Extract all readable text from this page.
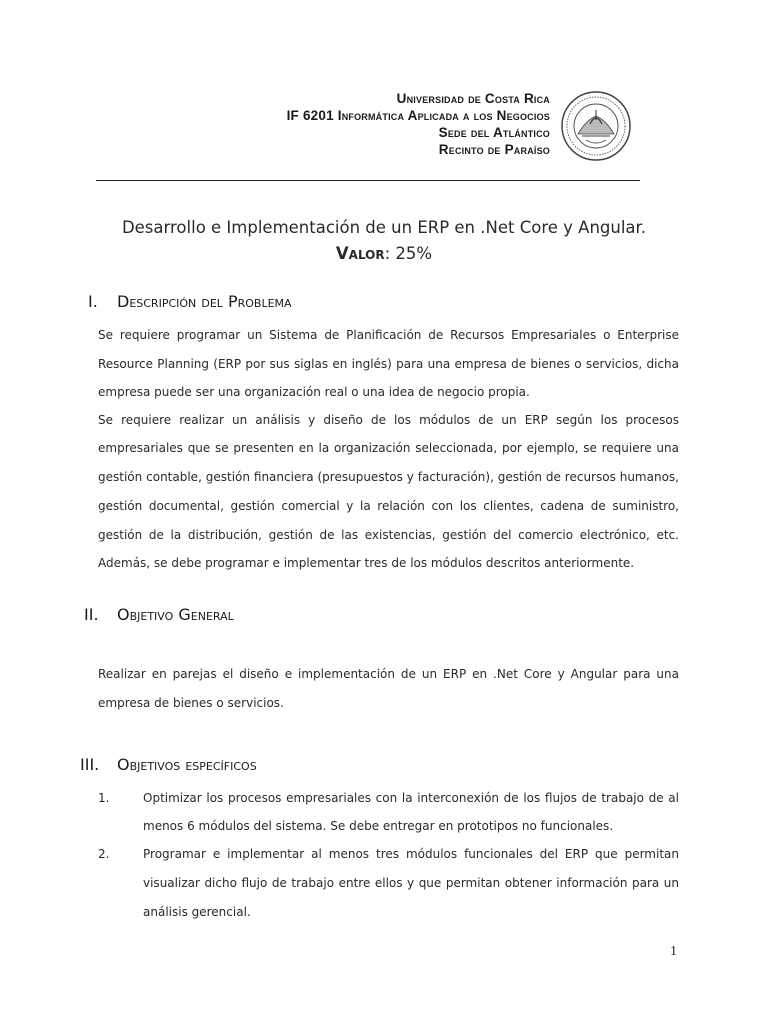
Universidad de Costa Rica
IF 6201 Informática Aplicada a los Negocios
Sede del Atlántico
Recinto de Paraíso
Desarrollo e Implementación de un ERP en .Net Core y Angular.
Valor: 25%
I. Descripción del Problema
Se requiere programar un Sistema de Planificación de Recursos Empresariales o Enterprise
Resource Planning (ERP por sus siglas en inglés) para una empresa de bienes o servicios, dicha
empresa puede ser una organización real o una idea de negocio propia.
Se requiere realizar un análisis y diseño de los módulos de un ERP según los procesos
empresariales que se presenten en la organización seleccionada, por ejemplo, se requiere una
gestión contable, gestión financiera (presupuestos y facturación), gestión de recursos humanos,
gestión documental, gestión comercial y la relación con los clientes, cadena de suministro,
gestión de la distribución, gestión de las existencias, gestión del comercio electrónico, etc.
Además, se debe programar e implementar tres de los módulos descritos anteriormente.
II. Objetivo General
Realizar en parejas el diseño e implementación de un ERP en .Net Core y Angular para una
empresa de bienes o servicios.
III. Objetivos específicos
1.	Optimizar los procesos empresariales con la interconexión de los flujos de trabajo de al
menos 6 módulos del sistema. Se debe entregar en prototipos no funcionales.
2.	Programar e implementar al menos tres módulos funcionales del ERP que permitan
visualizar dicho flujo de trabajo entre ellos y que permitan obtener información para un
análisis gerencial.
1
